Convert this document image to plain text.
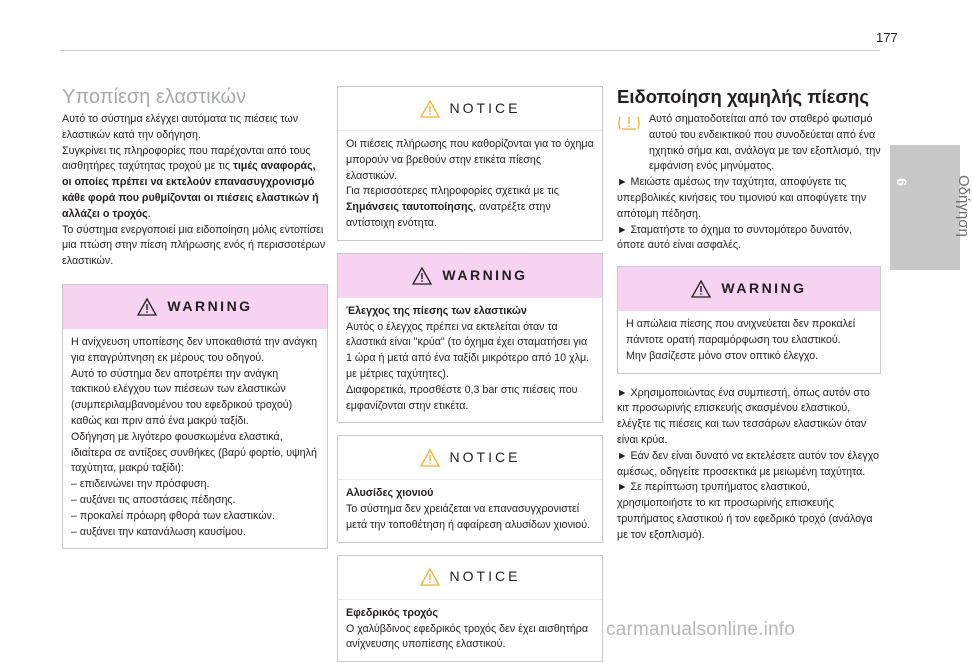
177
6	Οδήγηση
Υποπίεση ελαστικών
Αυτό το σύστημα ελέγχει αυτόματα τις πιέσεις των ελαστικών κατά την οδήγηση.
Συγκρίνει τις πληροφορίες που παρέχονται από τους αισθητήρες ταχύτητας τροχού με τις τιμές αναφοράς, οι οποίες πρέπει να εκτελούν επανασυγχρονισμό κάθε φορά που ρυθμίζονται οι πιέσεις ελαστικών ή αλλάζει ο τροχός.
Το σύστημα ενεργοποιεί μια ειδοποίηση μόλις εντοπίσει μια πτώση στην πίεση πλήρωσης ενός ή περισσοτέρων ελαστικών.
WARNING
Η ανίχνευση υποπίεσης δεν υποκαθιστά την ανάγκη για επαγρύπνηση εκ μέρους του οδηγού.
Αυτό το σύστημα δεν αποτρέπει την ανάγκη τακτικού ελέγχου των πιέσεων των ελαστικών (συμπεριλαμβανομένου του εφεδρικού τροχού) καθώς και πριν από ένα μακρύ ταξίδι.
Οδήγηση με λιγότερο φουσκωμένα ελαστικά, ιδιαίτερα σε αντίξοες συνθήκες (βαρύ φορτίο, υψηλή ταχύτητα, μακρύ ταξίδι):
– επιδεινώνει την πρόσφυση.
– αυξάνει τις αποστάσεις πέδησης.
– προκαλεί πρόωρη φθορά των ελαστικών.
– αυξάνει την κατανάλωση καυσίμου.
NOTICE
Οι πιέσεις πλήρωσης που καθορίζονται για το όχημα μπορούν να βρεθούν στην ετικέτα πίεσης ελαστικών.
Για περισσότερες πληροφορίες σχετικά με τις Σημάνσεις ταυτοποίησης, ανατρέξτε στην αντίστοιχη ενότητα.
WARNING
Έλεγχος της πίεσης των ελαστικών
Αυτός ο έλεγχος πρέπει να εκτελείται όταν τα ελαστικά είναι "κρύα" (το όχημα έχει σταματήσει για 1 ώρα ή μετά από ένα ταξίδι μικρότερο από 10 χλμ. με μέτριες ταχύτητες).
Διαφορετικά, προσθέστε 0,3 bar στις πιέσεις που εμφανίζονται στην ετικέτα.
NOTICE
Αλυσίδες χιονιού
Το σύστημα δεν χρειάζεται να επανασυγχρονιστεί μετά την τοποθέτηση ή αφαίρεση αλυσίδων χιονιού.
NOTICE
Εφεδρικός τροχός
Ο χαλύβδινος εφεδρικός τροχός δεν έχει αισθητήρα ανίχνευσης υποπίεσης ελαστικού.
Ειδοποίηση χαμηλής πίεσης
Αυτό σηματοδοτείται από τον σταθερό φωτισμό αυτού του ενδεικτικού που συνοδεύεται από ένα ηχητικό σήμα και, ανάλογα με τον εξοπλισμό, την εμφάνιση ενός μηνύματος.
► Μειώστε αμέσως την ταχύτητα, αποφύγετε τις υπερβολικές κινήσεις του τιμονιού και αποφύγετε την απότομη πέδηση.
► Σταματήστε το όχημα το συντομότερο δυνατόν, όποτε αυτό είναι ασφαλές.
WARNING
Η απώλεια πίεσης που ανιχνεύεται δεν προκαλεί πάντοτε ορατή παραμόρφωση του ελαστικού.
Μην βασίζεστε μόνο στον οπτικό έλεγχο.
► Χρησιμοποιώντας ένα συμπιεστή, όπως αυτόν στο κιτ προσωρινής επισκευής σκασμένου ελαστικού, ελέγξτε τις πιέσεις και των τεσσάρων ελαστικών όταν είναι κρύα.
► Εάν δεν είναι δυνατό να εκτελέσετε αυτόν τον έλεγχο αμέσως, οδηγείτε προσεκτικά με μειωμένη ταχύτητα.
► Σε περίπτωση τρυπήματος ελαστικού, χρησιμοποιήστε το κιτ προσωρινής επισκευής τρυπήματος ελαστικού ή τον εφεδρικό τροχό (ανάλογα με τον εξοπλισμό).
carmanualsonline.info
